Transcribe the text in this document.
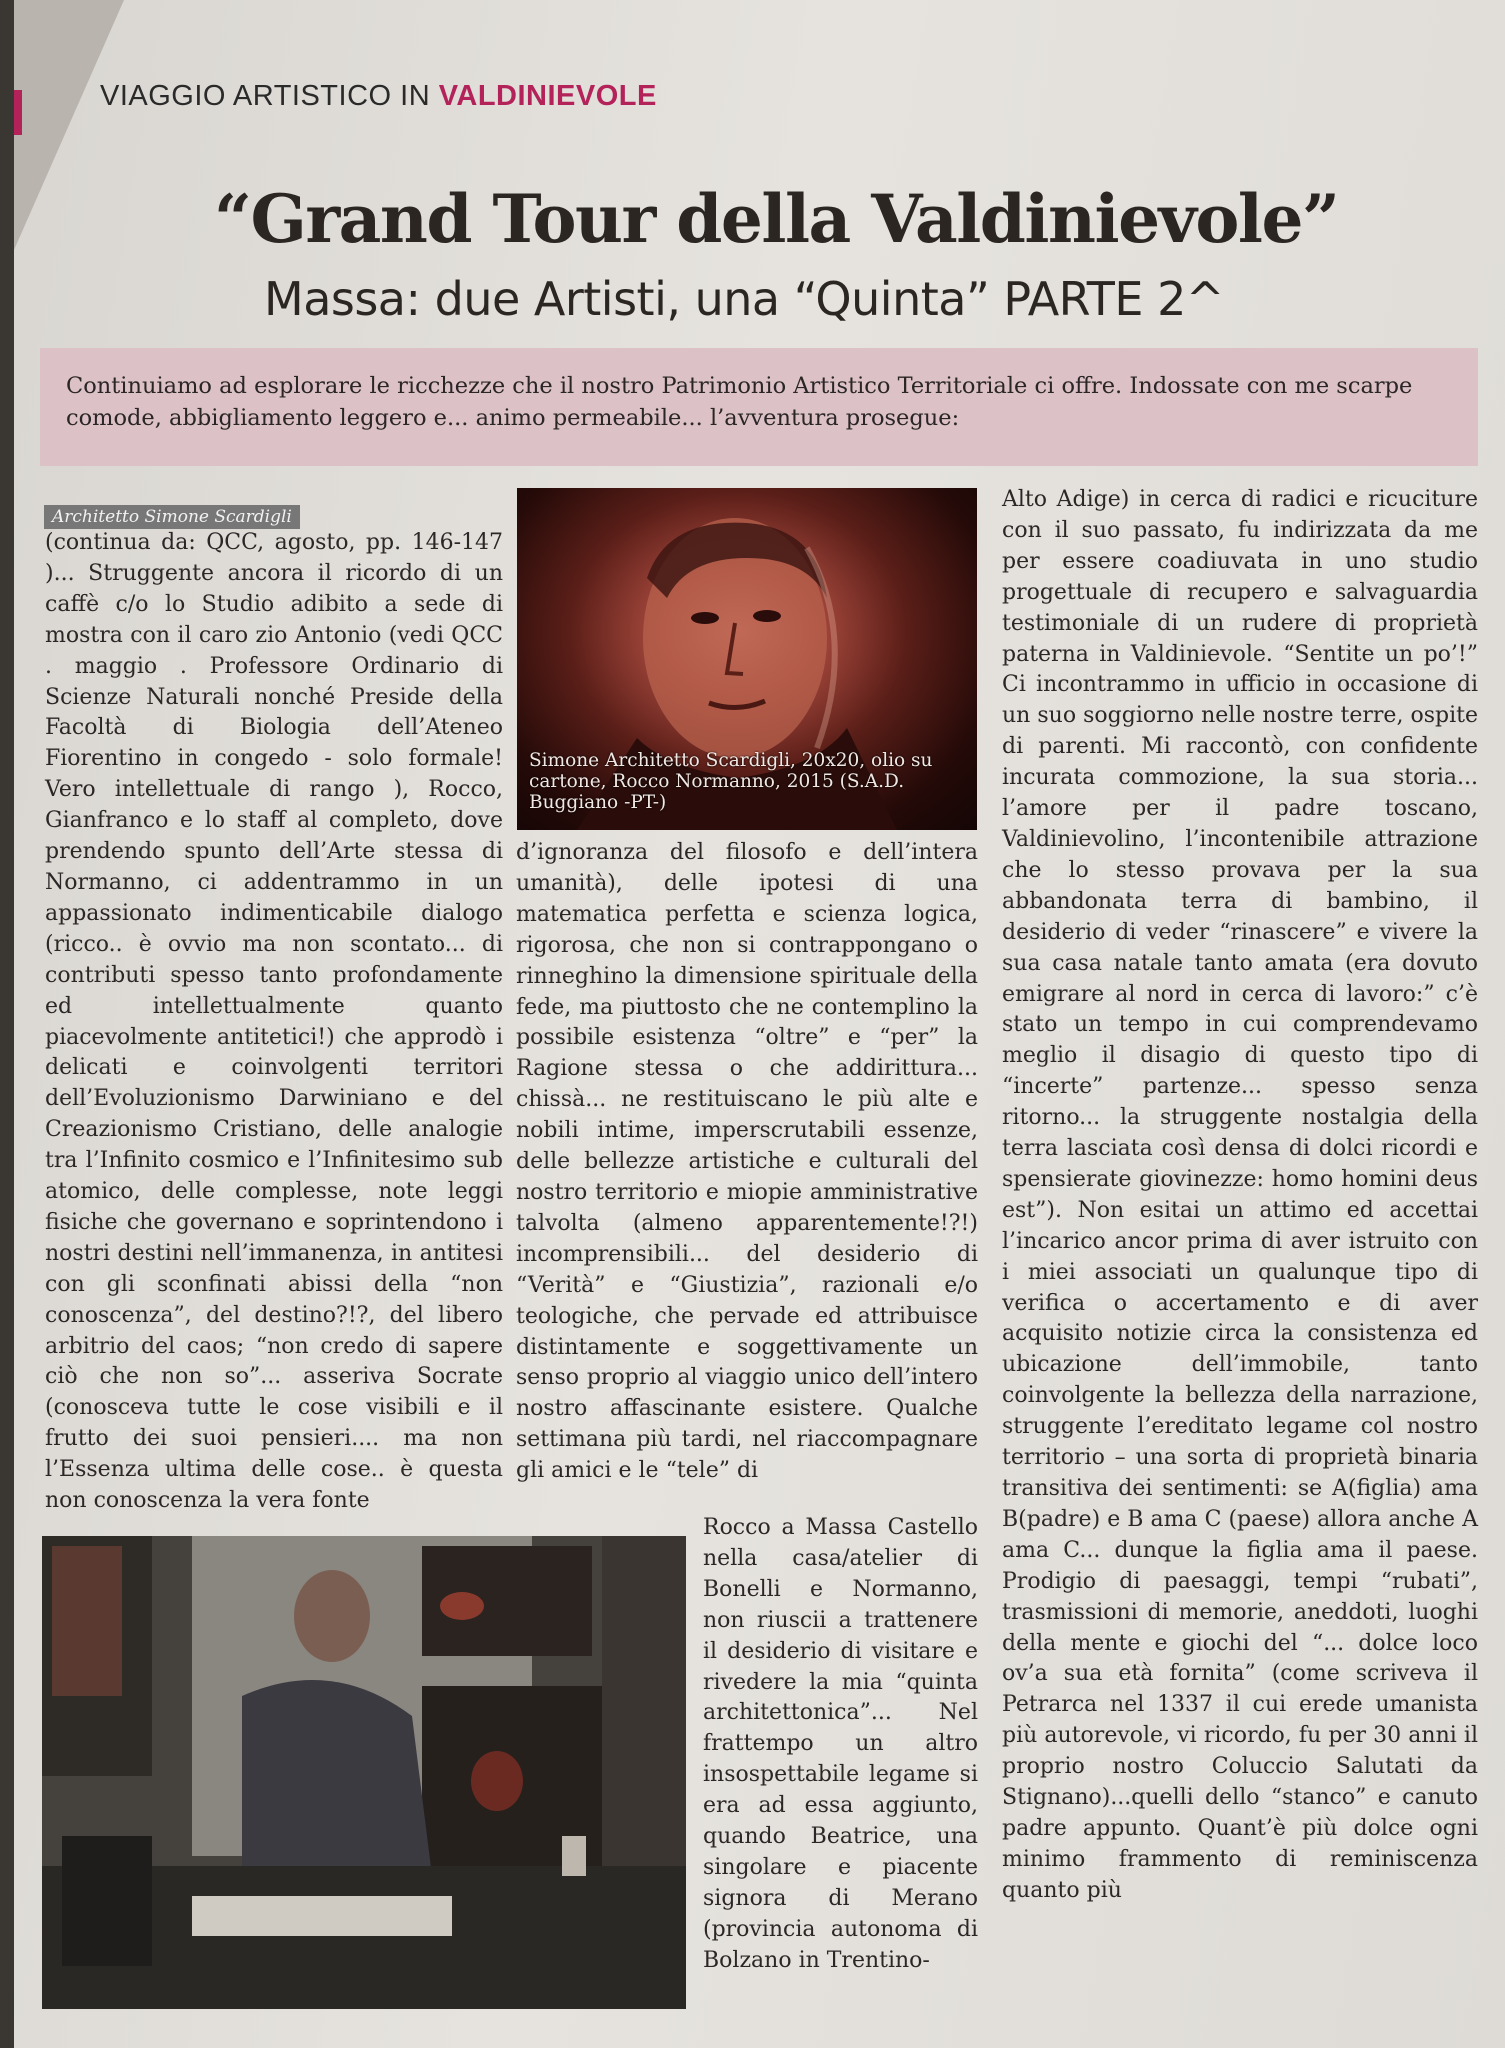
VIAGGIO ARTISTICO IN VALDINIEVOLE
“Grand Tour della Valdinievole”
Massa: due Artisti, una “Quinta” PARTE 2^
Continuiamo ad esplorare le ricchezze che il nostro Patrimonio Artistico Territoriale ci offre. Indossate con me scarpe comode, abbigliamento leggero e... animo permeabile... l’avventura prosegue:
Architetto Simone Scardigli

(continua da: QCC, agosto, pp. 146-147 )... Struggente ancora il ricordo di un caffè c/o lo Studio adibito a sede di mostra con il caro zio Antonio (vedi QCC . maggio . Professore Ordinario di Scienze Naturali nonché Preside della Facoltà di Biologia dell’Ateneo Fiorentino in congedo - solo formale! Vero intellettuale di rango ), Rocco, Gianfranco e lo staff al completo, dove prendendo spunto dell’Arte stessa di Normanno, ci addentrammo in un appassionato indimenticabile dialogo (ricco.. è ovvio ma non scontato... di contributi spesso tanto profondamente ed intellettualmente quanto piacevolmente antitetici!) che approdò i delicati e coinvolgenti territori dell’Evoluzionismo Darwiniano e del Creazionismo Cristiano, delle analogie tra l’Infinito cosmico e l’Infinitesimo sub atomico, delle complesse, note leggi fisiche che governano e soprintendono i nostri destini nell’immanenza, in antitesi con gli sconfinati abissi della “non conoscenza”, del destino?!?, del libero arbitrio del caos; “non credo di sapere ciò che non so”... asseriva Socrate (conosceva tutte le cose visibili e il frutto dei suoi pensieri.... ma non l’Essenza ultima delle cose.. è questa non conoscenza la vera fonte

Simone Architetto Scardigli, 20x20, olio su cartone, Rocco Normanno, 2015 (S.A.D. Buggiano -PT-)

d’ignoranza del filosofo e dell’intera umanità), delle ipotesi di una matematica perfetta e scienza logica, rigorosa, che non si contrappongano o rinneghino la dimensione spirituale della fede, ma piuttosto che ne contemplino la possibile esistenza “oltre” e “per” la Ragione stessa o che addirittura... chissà... ne restituiscano le più alte e nobili intime, imperscrutabili essenze, delle bellezze artistiche e culturali del nostro territorio e miopie amministrative talvolta (almeno apparentemente!?!) incomprensibili... del desiderio di “Verità” e “Giustizia”, razionali e/o teologiche, che pervade ed attribuisce distintamente e soggettivamente un senso proprio al viaggio unico dell’intero nostro affascinante esistere. Qualche settimana più tardi, nel riaccompagnare gli amici e le “tele” di

Rocco a Massa Castello nella casa/atelier di Bonelli e Normanno, non riuscii a trattenere il desiderio di visitare e rivedere la mia “quinta architettonica”... Nel frattempo un altro insospettabile legame si era ad essa aggiunto, quando Beatrice, una singolare e piacente signora di Merano (provincia autonoma di Bolzano in Trentino-

Alto Adige) in cerca di radici e ricuciture con il suo passato, fu indirizzata da me per essere coadiuvata in uno studio progettuale di recupero e salvaguardia testimoniale di un rudere di proprietà paterna in Valdinievole. “Sentite un po’!” Ci incontrammo in ufficio in occasione di un suo soggiorno nelle nostre terre, ospite di parenti. Mi raccontò, con confidente incurata commozione, la sua storia... l’amore per il padre toscano, Valdinievolino, l’incontenibile attrazione che lo stesso provava per la sua abbandonata terra di bambino, il desiderio di veder “rinascere” e vivere la sua casa natale tanto amata (era dovuto emigrare al nord in cerca di lavoro:” c’è stato un tempo in cui comprendevamo meglio il disagio di questo tipo di “incerte” partenze... spesso senza ritorno... la struggente nostalgia della terra lasciata così densa di dolci ricordi e spensierate giovinezze: homo homini deus est”). Non esitai un attimo ed accettai l’incarico ancor prima di aver istruito con i miei associati un qualunque tipo di verifica o accertamento e di aver acquisito notizie circa la consistenza ed ubicazione dell’immobile, tanto coinvolgente la bellezza della narrazione, struggente l’ereditato legame col nostro territorio – una sorta di proprietà binaria transitiva dei sentimenti: se A(figlia) ama B(padre) e B ama C (paese) allora anche A ama C... dunque la figlia ama il paese. Prodigio di paesaggi, tempi “rubati”, trasmissioni di memorie, aneddoti, luoghi della mente e giochi del “... dolce loco ov’a sua età fornita” (come scriveva il Petrarca nel 1337 il cui erede umanista più autorevole, vi ricordo, fu per 30 anni il proprio nostro Coluccio Salutati da Stignano)...quelli dello “stanco” e canuto padre appunto. Quant’è più dolce ogni minimo frammento di reminiscenza quanto più
